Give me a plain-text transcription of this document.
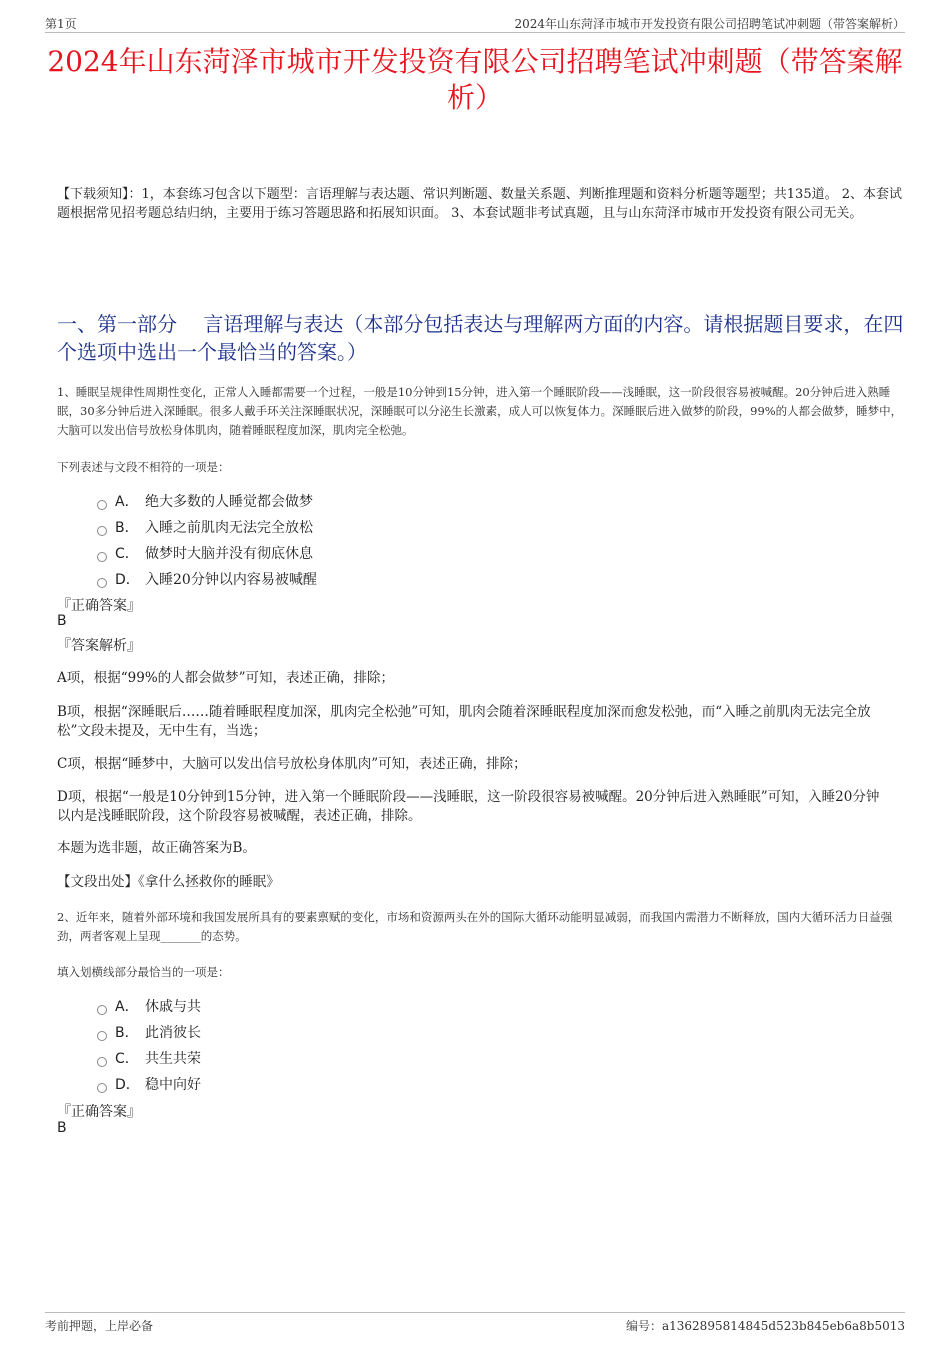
第1页	2024年山东菏泽市城市开发投资有限公司招聘笔试冲刺题（带答案解析）
2024年山东菏泽市城市开发投资有限公司招聘笔试冲刺题（带答案解析）
【下载须知】：1，本套练习包含以下题型：言语理解与表达题、常识判断题、数量关系题、判断推理题和资料分析题等题型；共135道。 2、本套试题根据常见招考题总结归纳，主要用于练习答题思路和拓展知识面。 3、本套试题非考试真题，且与山东菏泽市城市开发投资有限公司无关。
一、第一部分　 言语理解与表达（本部分包括表达与理解两方面的内容。请根据题目要求，在四个选项中选出一个最恰当的答案。）
1、睡眠呈规律性周期性变化，正常人入睡都需要一个过程，一般是10分钟到15分钟，进入第一个睡眠阶段——浅睡眠，这一阶段很容易被喊醒。20分钟后进入熟睡眠，30多分钟后进入深睡眠。很多人戴手环关注深睡眠状况，深睡眠可以分泌生长激素，成人可以恢复体力。深睡眠后进入做梦的阶段，99%的人都会做梦，睡梦中，大脑可以发出信号放松身体肌肉，随着睡眠程度加深，肌肉完全松弛。
下列表述与文段不相符的一项是：
A． 绝大多数的人睡觉都会做梦
B． 入睡之前肌肉无法完全放松
C． 做梦时大脑并没有彻底休息
D． 入睡20分钟以内容易被喊醒
『正确答案』
B
『答案解析』
A项，根据“99%的人都会做梦”可知，表述正确，排除；
B项，根据“深睡眠后……随着睡眠程度加深，肌肉完全松弛”可知，肌肉会随着深睡眠程度加深而愈发松弛，而“入睡之前肌肉无法完全放松”文段未提及，无中生有，当选；
C项，根据“睡梦中，大脑可以发出信号放松身体肌肉”可知，表述正确，排除；
D项，根据“一般是10分钟到15分钟，进入第一个睡眠阶段——浅睡眠，这一阶段很容易被喊醒。20分钟后进入熟睡眠”可知，入睡20分钟以内是浅睡眠阶段，这个阶段容易被喊醒，表述正确，排除。
本题为选非题，故正确答案为B。
【文段出处】《拿什么拯救你的睡眠》
2、近年来，随着外部环境和我国发展所具有的要素禀赋的变化，市场和资源两头在外的国际大循环动能明显减弱，而我国内需潜力不断释放，国内大循环活力日益强劲，两者客观上呈现_______的态势。
填入划横线部分最恰当的一项是：
A． 休戚与共
B． 此消彼长
C． 共生共荣
D． 稳中向好
『正确答案』
B
考前押题，上岸必备	编号：a1362895814845d523b845eb6a8b5013
